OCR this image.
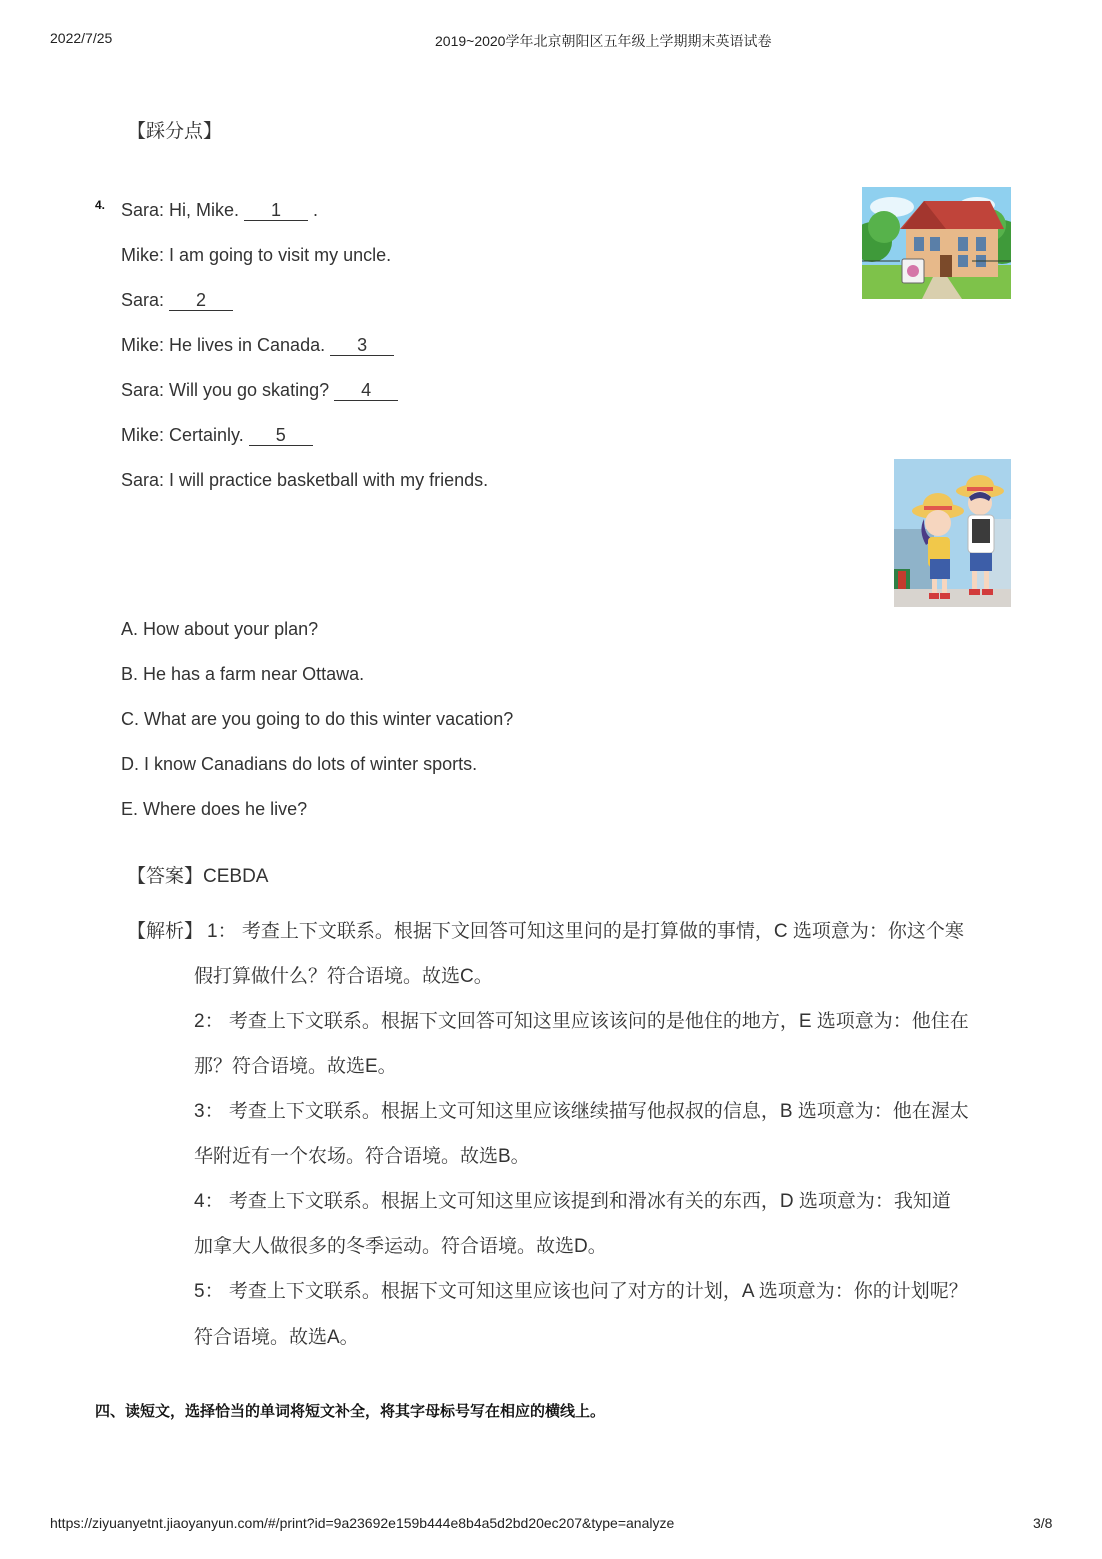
2022/7/25	2019~2020学年北京朝阳区五年级上学期期末英语试卷
【踩分点】
4. Sara: Hi, Mike. 1 .
Mike: I am going to visit my uncle.
Sara: 2
Mike: He lives in Canada. 3
Sara: Will you go skating? 4
Mike: Certainly. 5
Sara: I will practice basketball with my friends.
A. How about your plan?
B. He has a farm near Ottawa.
C. What are you going to do this winter vacation?
D. I know Canadians do lots of winter sports.
E. Where does he live?
【答案】CEBDA
【解析】 1： 考查上下文联系。根据下文回答可知这里问的是打算做的事情，C 选项意为：你这个寒
假打算做什么？符合语境。故选C。
2： 考查上下文联系。根据下文回答可知这里应该该问的是他住的地方，E 选项意为：他住在
那？符合语境。故选E。
3： 考查上下文联系。根据上文可知这里应该继续描写他叔叔的信息，B 选项意为：他在渥太
华附近有一个农场。符合语境。故选B。
4： 考查上下文联系。根据上文可知这里应该提到和滑冰有关的东西，D 选项意为：我知道
加拿大人做很多的冬季运动。符合语境。故选D。
5： 考查上下文联系。根据下文可知这里应该也问了对方的计划，A 选项意为：你的计划呢？
符合语境。故选A。
四、读短文，选择恰当的单词将短文补全，将其字母标号写在相应的横线上。
https://ziyuanyetnt.jiaoyanyun.com/#/print?id=9a23692e159b444e8b4a5d2bd20ec207&type=analyze	3/8
